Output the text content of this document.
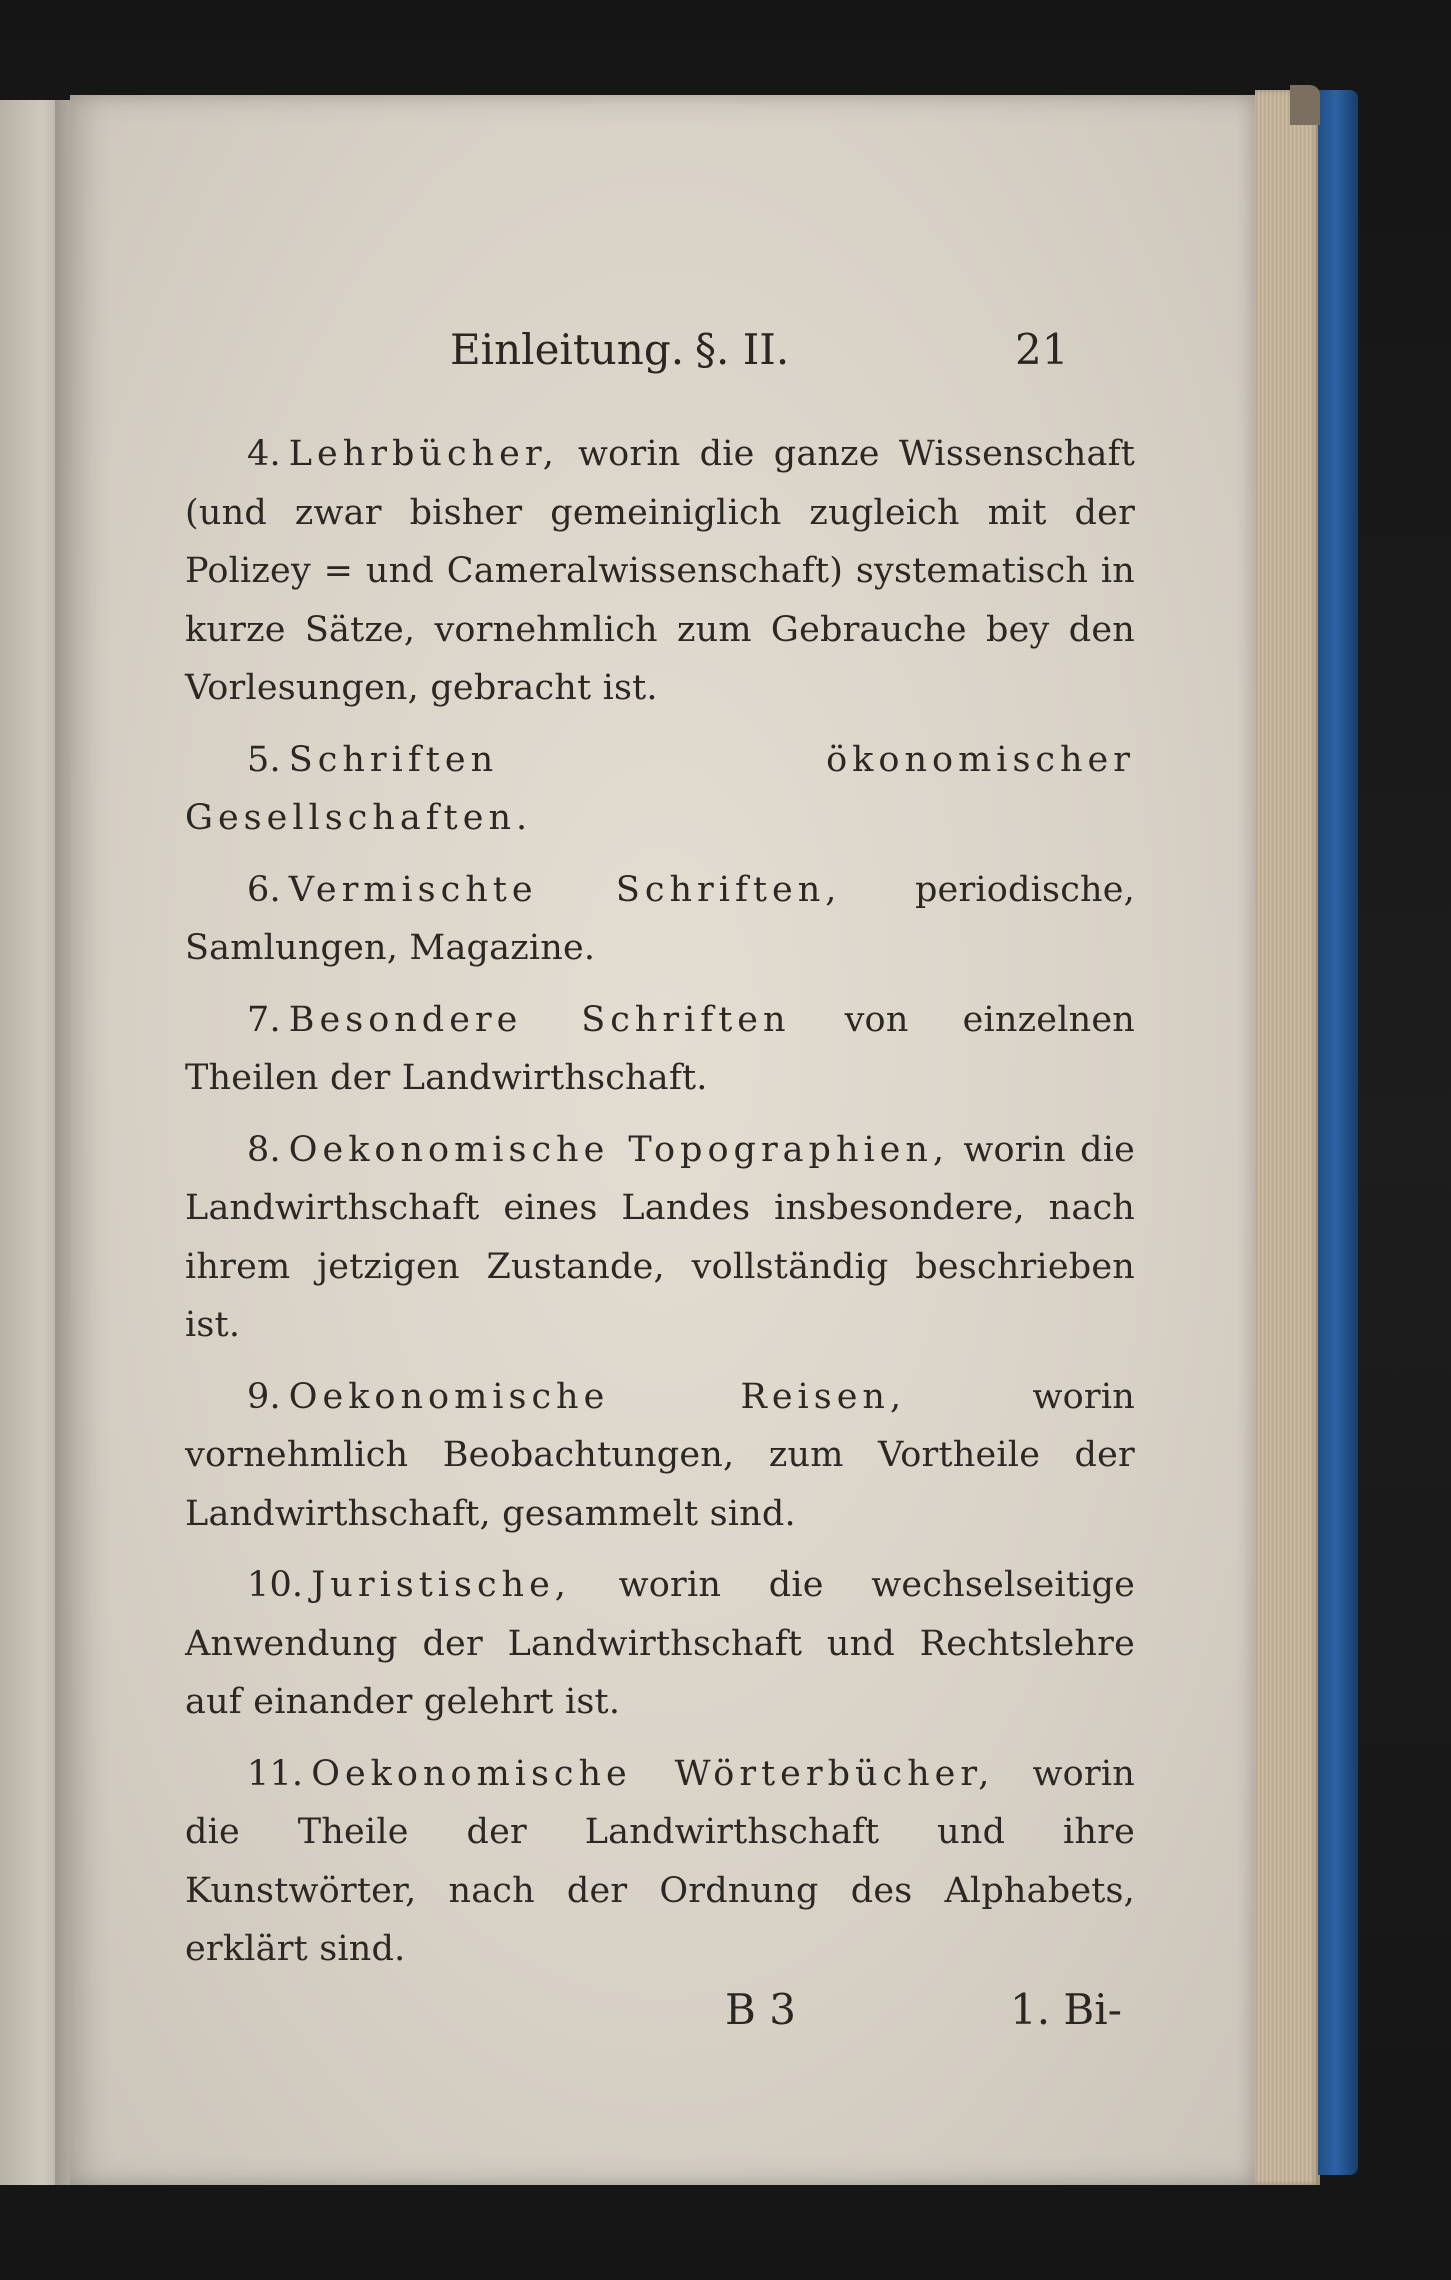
Einleitung. §. II.	21

4. Lehrbücher, worin die ganze Wissenschaft (und zwar bisher gemeiniglich zugleich mit der Polizey = und Cameralwissenschaft) systematisch in kurze Sätze, vornehmlich zum Gebrauche bey den Vorlesungen, gebracht ist.

5. Schriften ökonomischer Gesellschaften.

6. Vermischte Schriften, periodische, Samlungen, Magazine.

7. Besondere Schriften von einzelnen Theilen der Landwirthschaft.

8. Oekonomische Topographien, worin die Landwirthschaft eines Landes insbesondere, nach ihrem jetzigen Zustande, vollständig beschrieben ist.

9. Oekonomische Reisen,	worin vornehmlich Beobachtungen, zum Vortheile der Landwirthschaft, gesammelt sind.

10. Juristische, worin die wechselseitige Anwendung der Landwirthschaft und Rechtslehre auf einander gelehrt ist.

11. Oekonomische Wörterbücher, worin die Theile der Landwirthschaft und ihre Kunstwörter, nach der Ordnung des Alphabets, erklärt sind.

B 3	1. Bi-
